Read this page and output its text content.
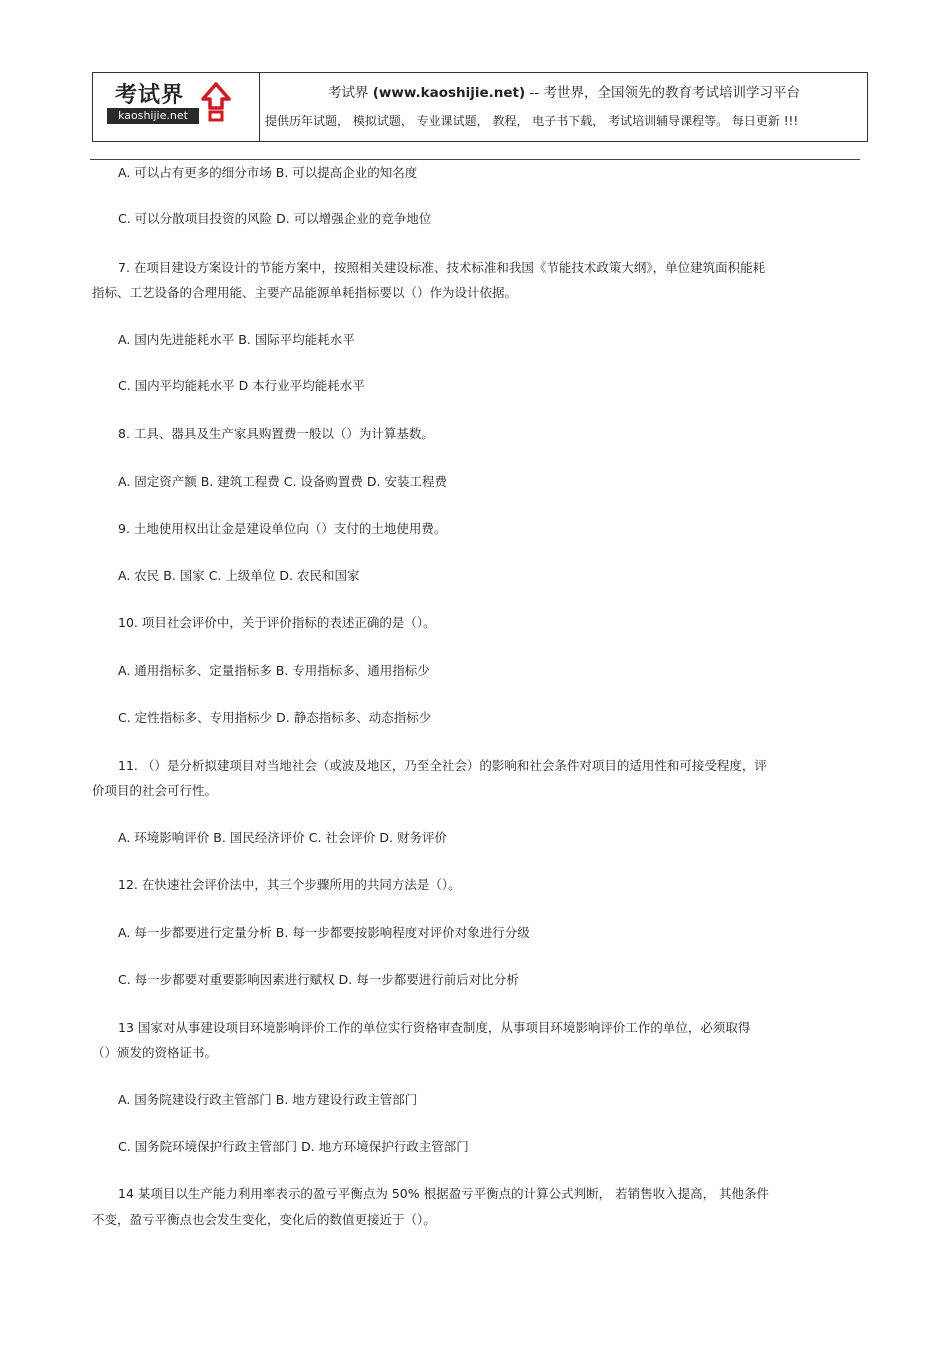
考试界
kaoshijie.net
考试界 (www.kaoshijie.net) -- 考世界，全国领先的教育考试培训学习平台
提供历年试题， 模拟试题， 专业课试题， 教程， 电子书下载， 考试培训辅导课程等。 每日更新 !!!
A. 可以占有更多的细分市场 B. 可以提高企业的知名度
C. 可以分散项目投资的风险 D. 可以增强企业的竞争地位
7. 在项目建设方案设计的节能方案中，按照相关建设标准、技术标准和我国《节能技术政策大纲》，单位建筑面积能耗
指标、工艺设备的合理用能、主要产品能源单耗指标要以（）作为设计依据。
A. 国内先进能耗水平 B. 国际平均能耗水平
C. 国内平均能耗水平 D 本行业平均能耗水平
8. 工具、器具及生产家具购置费一般以（）为计算基数。
A. 固定资产额 B. 建筑工程费 C. 设备购置费 D. 安装工程费
9. 土地使用权出让金是建设单位向（）支付的土地使用费。
A. 农民 B. 国家 C. 上级单位 D. 农民和国家
10. 项目社会评价中，关于评价指标的表述正确的是（）。
A. 通用指标多、定量指标多 B. 专用指标多、通用指标少
C. 定性指标多、专用指标少 D. 静态指标多、动态指标少
11. （）是分析拟建项目对当地社会（或波及地区，乃至全社会）的影响和社会条件对项目的适用性和可接受程度，评
价项目的社会可行性。
A. 环境影响评价 B. 国民经济评价 C. 社会评价 D. 财务评价
12. 在快速社会评价法中，其三个步骤所用的共同方法是（）。
A. 每一步都要进行定量分析 B. 每一步都要按影响程度对评价对象进行分级
C. 每一步都要对重要影响因素进行赋权 D. 每一步都要进行前后对比分析
13 国家对从事建设项目环境影响评价工作的单位实行资格审查制度，从事项目环境影响评价工作的单位，必须取得
（）颁发的资格证书。
A. 国务院建设行政主管部门 B. 地方建设行政主管部门
C. 国务院环境保护行政主管部门 D. 地方环境保护行政主管部门
14 某项目以生产能力利用率表示的盈亏平衡点为 50% 根据盈亏平衡点的计算公式判断， 若销售收入提高， 其他条件
不变，盈亏平衡点也会发生变化，变化后的数值更接近于（）。
